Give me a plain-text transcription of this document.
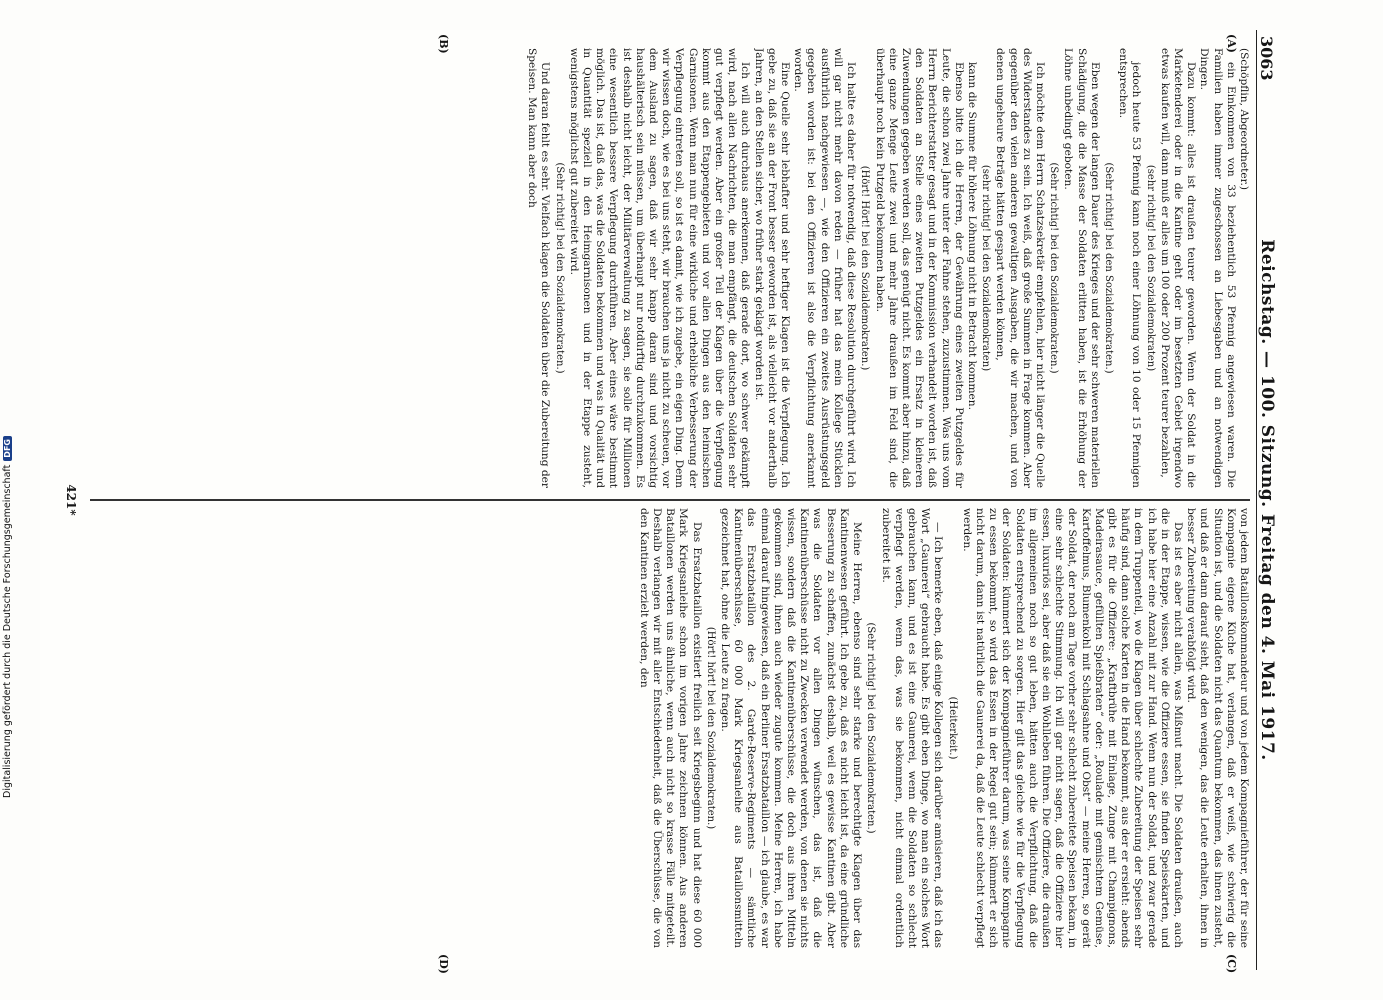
3063
Reichstag. — 100. Sitzung. Freitag den 4. Mai 1917.
(A)
(B)
(C)
(D)

(Schöpflin, Abgeordneter.)

ein Einkommen von 33 beziehentlich 53 Pfennig angewiesen waren. Die Familien haben immer zugeschossen an Liebesgaben und an notwendigen Dingen.

Dazu kommt: alles ist draußen teurer geworden. Wenn der Soldat in die Marketenderei oder in die Kantine geht oder im besetzten Gebiet irgendwo etwas kaufen will, dann muß er alles um 100 oder 200 Prozent teurer bezahlen,

(sehr richtig! bei den Sozialdemokraten)

jedoch heute 53 Pfennig kann noch einer Löhnung von 10 oder 15 Pfennigen entsprechen.

(Sehr richtig! bei den Sozialdemokraten.)

Eben wegen der langen Dauer des Krieges und der sehr schweren materiellen Schädigung, die die Masse der Soldaten erlitten haben, ist die Erhöhung der Löhne unbedingt geboten.

(Sehr richtig! bei den Sozialdemokraten.)

Ich möchte dem Herrn Schatzsekretär empfehlen, hier nicht länger die Quelle des Widerstandes zu sein. Ich weiß, daß große Summen in Frage kommen. Aber gegenüber den vielen anderen gewaltigen Ausgaben, die wir machen, und von denen ungeheure Beträge hätten gespart werden können,

(sehr richtig! bei den Sozialdemokraten)

kann die Summe für höhere Löhnung nicht in Betracht kommen.

Ebenso bitte ich die Herren, der Gewährung eines zweiten Putzgeldes für Leute, die schon zwei Jahre unter der Fahne stehen, zuzustimmen. Was uns vom Herrn Berichterstatter gesagt und in der Kommission verhandelt worden ist, daß den Soldaten an Stelle eines zweiten Putzgeldes ein Ersatz in kleineren Zuwendungen gegeben werden soll, das genügt nicht. Es kommt aber hinzu, daß eine ganze Menge Leute zwei und mehr Jahre draußen im Feld sind, die überhaupt noch kein Putzgeld bekommen haben.

(Hört! Hört! bei den Sozialdemokraten.)

Ich halte es daher für notwendig, daß diese Resolution durchgeführt wird. Ich will gar nicht mehr davon reden — früher hat das mein Kollege Stücklen ausführlich nachgewiesen —, wie den Offizieren ein zweites Ausrüstungsgeld gegeben worden ist: bei den Offizieren ist also die Verpflichtung anerkannt worden.

Eine Quelle sehr lebhafter und sehr heftiger Klagen ist die Verpflegung. Ich gebe zu, daß sie an der Front besser geworden ist, als vielleicht vor anderthalb Jahren, an den Stellen sicher, wo früher stark geklagt worden ist.

Ich will auch durchaus anerkennen, daß gerade dort, wo schwer gekämpft wird, nach allen Nachrichten, die man empfängt, die deutschen Soldaten sehr gut verpflegt werden. Aber ein großer Teil der Klagen über die Verpflegung kommt aus den Etappengebieten und vor allen Dingen aus den heimischen Garnisonen. Wenn man nun für eine wirkliche und erhebliche Verbesserung der Verpflegung eintreten soll, so ist es damit, wie ich zugebe, ein eigen Ding. Denn wir wissen doch, wie es bei uns steht, wir brauchen uns ja nicht zu scheuen, vor dem Ausland zu sagen, daß wir sehr knapp daran sind und vorsichtig haushälterisch sein müssen, um überhaupt nur notdürftig durchzukommen. Es ist deshalb nicht leicht, der Militärverwaltung zu sagen, sie solle für Millionen eine wesentlich bessere Verpflegung durchführen. Aber eines wäre bestimmt möglich. Das ist, daß das, was die Soldaten bekommen und was in Qualität und in Quantität speziell in den Heimgarnisonen und in der Etappe zusteht, wenigstens möglichst gut zubereitet wird.

(Sehr richtig! bei den Sozialdemokraten.)

Und daran fehlt es sehr. Vielfach klagen die Soldaten über die Zubereitung der Speisen. Man kann aber doch

von jedem Bataillonskommandeur und von jedem Kompagnieführer, der für seine Kompagnie eigene Küche hat, verlangen, daß er weiß, wie schwierig die Situation ist, und die Soldaten nicht das Quantum bekommen, das ihnen zusteht, und daß er dann darauf sieht, daß den wenigen, das die Leute erhalten, ihnen in besser Zubereitung verabfolgt wird.

Das ist es aber nicht allein, was Mißmut macht. Die Soldaten draußen, auch die in der Etappe, wissen, wie die Offiziere essen, sie finden Speisekarten, und ich habe hier eine Anzahl mit zur Hand. Wenn nun der Soldat, und zwar gerade in dem Truppenteil, wo die Klagen über schlechte Zubereitung der Speisen sehr häufig sind, dann solche Karten in die Hand bekommt, aus der er ersieht: abends gibt es für die Offiziere: „Kraftbrühe mit Einlage, Zunge mit Champignons, Madeirasauce, gefüllten Spießbraten“ oder: „Roulade mit gemischtem Gemüse, Kartoffelmus, Blumenkohl mit Schlagsahne und Obst“ — meine Herren, so gerät der Soldat, der noch am Tage vorher sehr schlecht zubereitete Speisen bekam, in eine sehr schlechte Stimmung. Ich will gar nicht sagen, daß die Offiziere hier essen, luxuriös sei, aber daß sie ein Wohlleben führen. Die Offiziere, die draußen im allgemeinen noch so gut leben, hätten auch die Verpflichtung, daß die Soldaten entsprechend zu sorgen. Hier gilt das gleiche wie für die Verpflegung der Soldaten: kümmert sich der Kompagnieführer darum, was seine Kompagnie zu essen bekommt, so wird das Essen in der Regel gut sein; kümmert er sich nicht darum, dann ist natürlich die Gaunerei da, daß die Leute schlecht verpflegt werden.

(Heiterkeit.)

— Ich bemerke eben, daß einige Kollegen sich darüber amüsieren, daß ich das Wort „Gaunerei“ gebraucht habe. Es gibt eben Dinge, wo man ein solches Wort gebrauchen kann, und es ist eine Gaunerei, wenn die Soldaten so schlecht verpflegt werden, wenn das, was sie bekommen, nicht einmal ordentlich zubereitet ist.

(Sehr richtig! bei den Sozialdemokraten.)

Meine Herren, ebenso sind sehr starke und berechtigte Klagen über das Kantinenwesen geführt. Ich gebe zu, daß es nicht leicht ist, da eine gründliche Besserung zu schaffen, zunächst deshalb, weil es gewisse Kantinen gibt. Aber was die Soldaten vor allen Dingen wünschen, das ist, daß die Kantinenüberschüsse nicht zu Zwecken verwendet werden, von denen sie nichts wissen, sondern daß die Kantinenüberschüsse, die doch aus ihren Mitteln gekommen sind, ihnen auch wieder zugute kommen. Meine Herren, ich habe einmal darauf hingewiesen, daß ein Berliner Ersatzbataillon — ich glaube, es war das Ersatzbataillon des 2. Garde-Reserve-Regiments — sämtliche Kantinenüberschüsse, 60 000 Mark Kriegsanleihe aus Bataillonsmitteln gezeichnet hat, ohne die Leute zu fragen.

(Hört! hört! bei den Sozialdemokraten.)

Das Ersatzbataillon existiert freilich seit Kriegsbeginn und hat diese 60 000 Mark Kriegsanleihe schon im vorigen Jahre zeichnen können. Aus anderen Bataillonen werden uns ähnliche, wenn auch nicht so krasse Fälle mitgeteilt. Deshalb verlangen wir mit aller Entschiedenheit, daß die Überschüsse, die von den Kantinen erzielt werden, den

421*
Digitalisierung gefördert durch die Deutsche ForschungsgemeinschaftDFG
